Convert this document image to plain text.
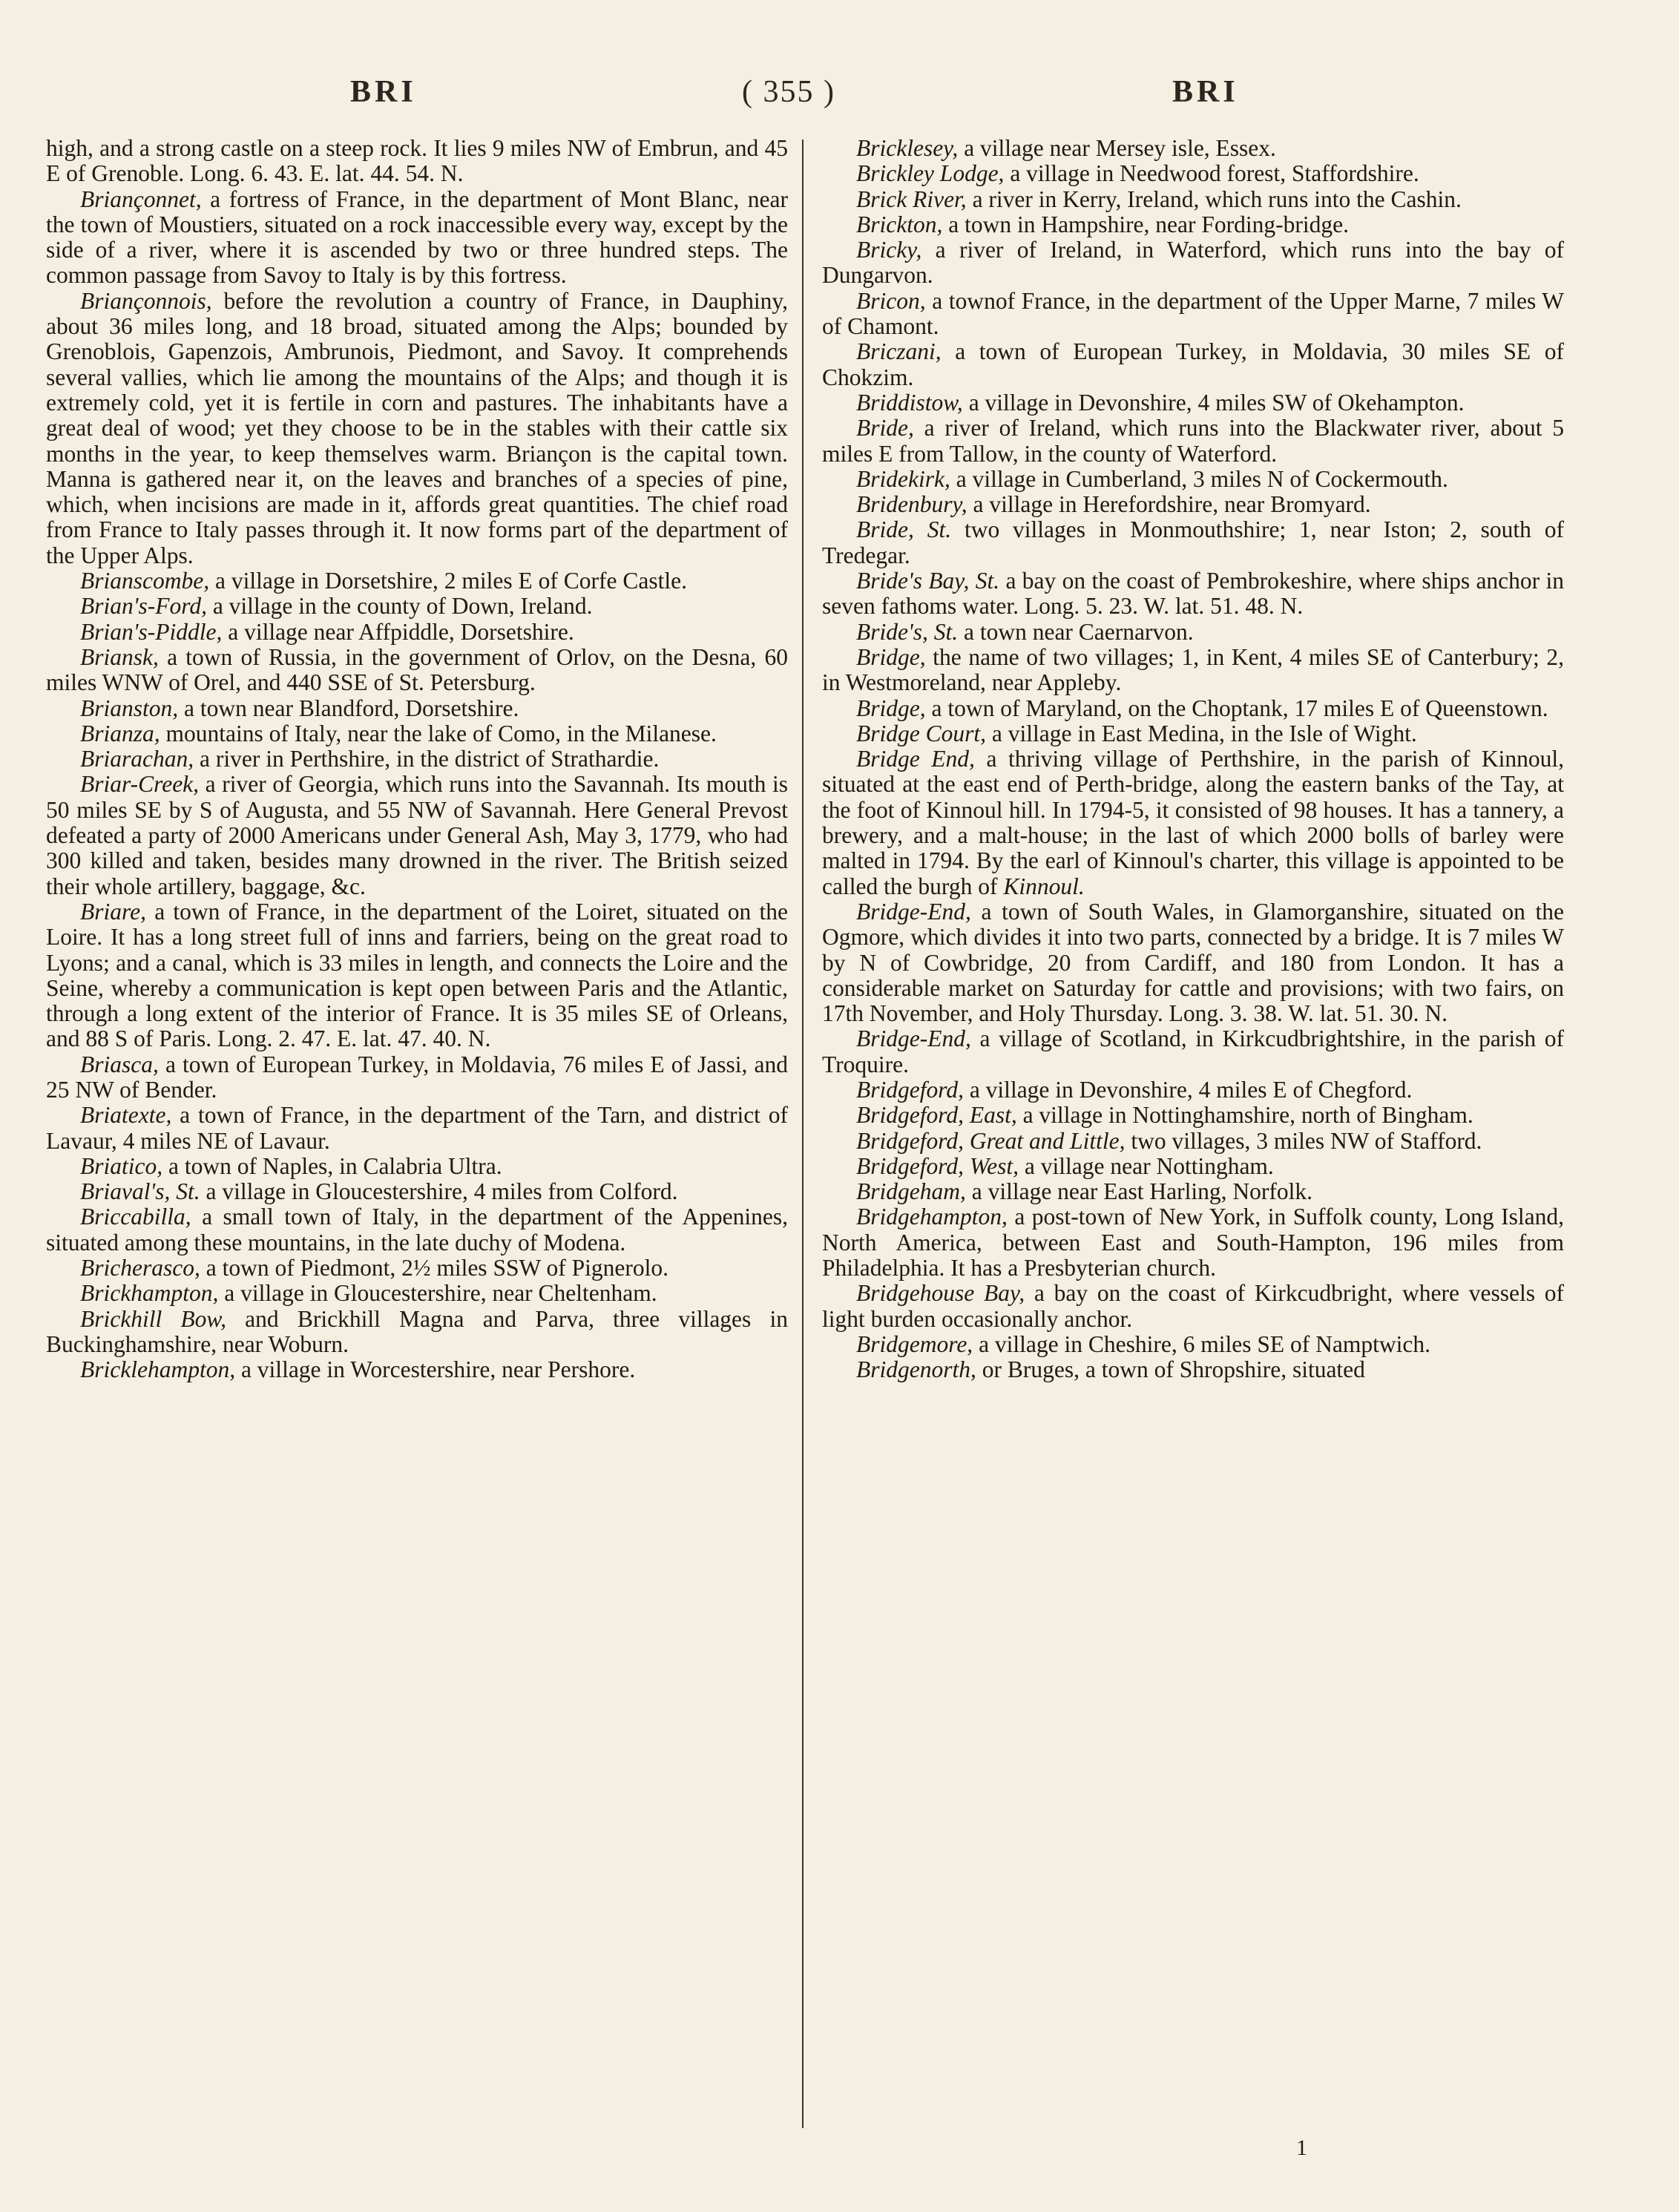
BRI	( 355 )	BRI

high, and a strong castle on a steep rock. It lies 9 miles NW of Embrun, and 45 E of Grenoble. Long. 6. 43. E. lat. 44. 54. N.

Briançonnet, a fortress of France, in the department of Mont Blanc, near the town of Moustiers, situated on a rock inaccessible every way, except by the side of a river, where it is ascended by two or three hundred steps. The common passage from Savoy to Italy is by this fortress.

Briançonnois, before the revolution a country of France, in Dauphiny, about 36 miles long, and 18 broad, situated among the Alps; bounded by Grenoblois, Gapenzois, Ambrunois, Piedmont, and Savoy. It comprehends several vallies, which lie among the mountains of the Alps; and though it is extremely cold, yet it is fertile in corn and pastures. The inhabitants have a great deal of wood; yet they choose to be in the stables with their cattle six months in the year, to keep themselves warm. Briançon is the capital town. Manna is gathered near it, on the leaves and branches of a species of pine, which, when incisions are made in it, affords great quantities. The chief road from France to Italy passes through it. It now forms part of the department of the Upper Alps.

Brianscombe, a village in Dorsetshire, 2 miles E of Corfe Castle.

Brian's-Ford, a village in the county of Down, Ireland.

Brian's-Piddle, a village near Affpiddle, Dorsetshire.

Briansk, a town of Russia, in the government of Orlov, on the Desna, 60 miles WNW of Orel, and 440 SSE of St. Petersburg.

Brianston, a town near Blandford, Dorsetshire.

Brianza, mountains of Italy, near the lake of Como, in the Milanese.

Briarachan, a river in Perthshire, in the district of Strathardie.

Briar-Creek, a river of Georgia, which runs into the Savannah. Its mouth is 50 miles SE by S of Augusta, and 55 NW of Savannah. Here General Prevost defeated a party of 2000 Americans under General Ash, May 3, 1779, who had 300 killed and taken, besides many drowned in the river. The British seized their whole artillery, baggage, &c.

Briare, a town of France, in the department of the Loiret, situated on the Loire. It has a long street full of inns and farriers, being on the great road to Lyons; and a canal, which is 33 miles in length, and connects the Loire and the Seine, whereby a communication is kept open between Paris and the Atlantic, through a long extent of the interior of France. It is 35 miles SE of Orleans, and 88 S of Paris. Long. 2. 47. E. lat. 47. 40. N.

Briasca, a town of European Turkey, in Moldavia, 76 miles E of Jassi, and 25 NW of Bender.

Briatexte, a town of France, in the department of the Tarn, and district of Lavaur, 4 miles NE of Lavaur.

Briatico, a town of Naples, in Calabria Ultra.

Briaval's, St. a village in Gloucestershire, 4 miles from Colford.

Briccabilla, a small town of Italy, in the department of the Appenines, situated among these mountains, in the late duchy of Modena.

Bricherasco, a town of Piedmont, 2½ miles SSW of Pignerolo.

Brickhampton, a village in Gloucestershire, near Cheltenham.

Brickhill Bow, and Brickhill Magna and Parva, three villages in Buckinghamshire, near Woburn.

Bricklehampton, a village in Worcestershire, near Pershore.

Bricklesey, a village near Mersey isle, Essex.

Brickley Lodge, a village in Needwood forest, Staffordshire.

Brick River, a river in Kerry, Ireland, which runs into the Cashin.

Brickton, a town in Hampshire, near Fording-bridge.

Bricky, a river of Ireland, in Waterford, which runs into the bay of Dungarvon.

Bricon, a townof France, in the department of the Upper Marne, 7 miles W of Chamont.

Briczani, a town of European Turkey, in Moldavia, 30 miles SE of Chokzim.

Briddistow, a village in Devonshire, 4 miles SW of Okehampton.

Bride, a river of Ireland, which runs into the Blackwater river, about 5 miles E from Tallow, in the county of Waterford.

Bridekirk, a village in Cumberland, 3 miles N of Cockermouth.

Bridenbury, a village in Herefordshire, near Bromyard.

Bride, St. two villages in Monmouthshire; 1, near Iston; 2, south of Tredegar.

Bride's Bay, St. a bay on the coast of Pembrokeshire, where ships anchor in seven fathoms water. Long. 5. 23. W. lat. 51. 48. N.

Bride's, St. a town near Caernarvon.

Bridge, the name of two villages; 1, in Kent, 4 miles SE of Canterbury; 2, in Westmoreland, near Appleby.

Bridge, a town of Maryland, on the Choptank, 17 miles E of Queenstown.

Bridge Court, a village in East Medina, in the Isle of Wight.

Bridge End, a thriving village of Perthshire, in the parish of Kinnoul, situated at the east end of Perth-bridge, along the eastern banks of the Tay, at the foot of Kinnoul hill. In 1794-5, it consisted of 98 houses. It has a tannery, a brewery, and a malt-house; in the last of which 2000 bolls of barley were malted in 1794. By the earl of Kinnoul's charter, this village is appointed to be called the burgh of Kinnoul.

Bridge-End, a town of South Wales, in Glamorganshire, situated on the Ogmore, which divides it into two parts, connected by a bridge. It is 7 miles W by N of Cowbridge, 20 from Cardiff, and 180 from London. It has a considerable market on Saturday for cattle and provisions; with two fairs, on 17th November, and Holy Thursday. Long. 3. 38. W. lat. 51. 30. N.

Bridge-End, a village of Scotland, in Kirkcudbrightshire, in the parish of Troquire.

Bridgeford, a village in Devonshire, 4 miles E of Chegford.

Bridgeford, East, a village in Nottinghamshire, north of Bingham.

Bridgeford, Great and Little, two villages, 3 miles NW of Stafford.

Bridgeford, West, a village near Nottingham.

Bridgeham, a village near East Harling, Norfolk.

Bridgehampton, a post-town of New York, in Suffolk county, Long Island, North America, between East and South-Hampton, 196 miles from Philadelphia. It has a Presbyterian church.

Bridgehouse Bay, a bay on the coast of Kirkcudbright, where vessels of light burden occasionally anchor.

Bridgemore, a village in Cheshire, 6 miles SE of Namptwich.

Bridgenorth, or Bruges, a town of Shropshire, situated

1
